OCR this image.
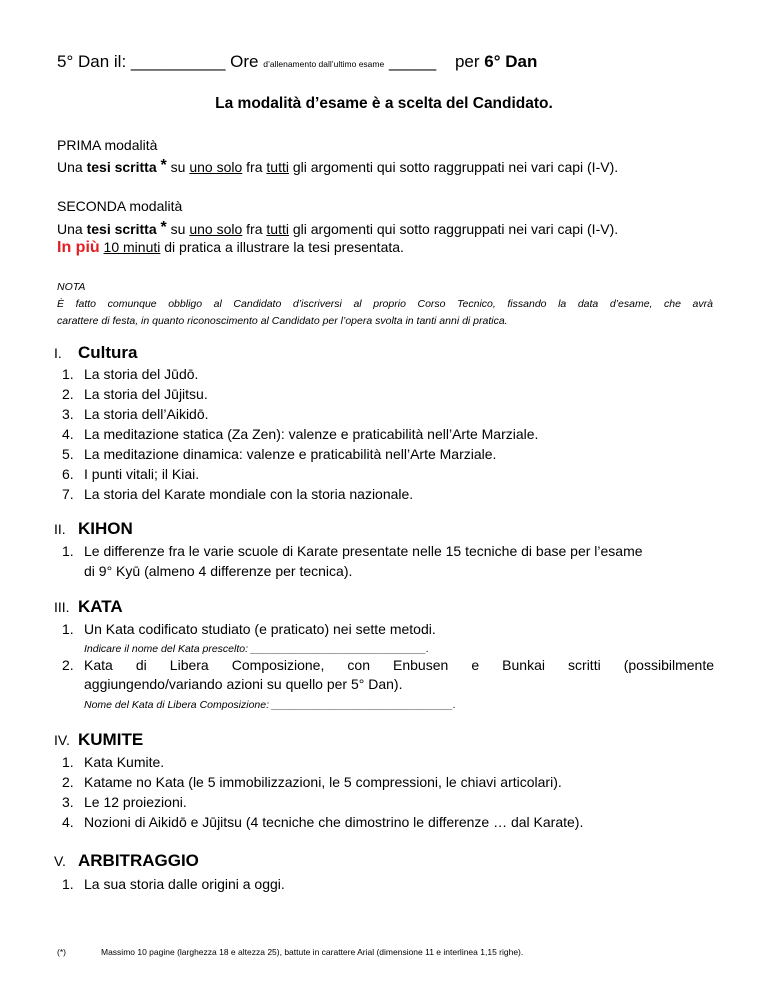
5° Dan il: __________ Ore d’allenamento dall’ultimo esame _____ per 6° Dan
La modalità d’esame è a scelta del Candidato.
PRIMA modalità
Una tesi scritta * su uno solo fra tutti gli argomenti qui sotto raggruppati nei vari capi (I-V).
SECONDA modalità
Una tesi scritta * su uno solo fra tutti gli argomenti qui sotto raggruppati nei vari capi (I-V).
In più 10 minuti di pratica a illustrare la tesi presentata.
NOTA
È fatto comunque obbligo al Candidato d’iscriversi al proprio Corso Tecnico, fissando la data d’esame, che avrà
carattere di festa, in quanto riconoscimento al Candidato per l’opera svolta in tanti anni di pratica.
I. Cultura
1. La storia del Jūdō.
2. La storia del Jūjitsu.
3. La storia dell’Aikidō.
4. La meditazione statica (Za Zen): valenze e praticabilità nell’Arte Marziale.
5. La meditazione dinamica: valenze e praticabilità nell’Arte Marziale.
6. I punti vitali; il Kiai.
7. La storia del Karate mondiale con la storia nazionale.
II. KIHON
1. Le differenze fra le varie scuole di Karate presentate nelle 15 tecniche di base per l’esame
di 9° Kyū (almeno 4 differenze per tecnica).
III. KATA
1. Un Kata codificato studiato (e praticato) nei sette metodi.
Indicare il nome del Kata prescelto: ______________________________.
2. Kata di Libera Composizione, con Enbusen e Bunkai scritti (possibilmente
aggiungendo/variando azioni su quello per 5° Dan).
Nome del Kata di Libera Composizione: _______________________________.
IV. KUMITE
1. Kata Kumite.
2. Katame no Kata (le 5 immobilizzazioni, le 5 compressioni, le chiavi articolari).
3. Le 12 proiezioni.
4. Nozioni di Aikidō e Jūjitsu (4 tecniche che dimostrino le differenze … dal Karate).
V. ARBITRAGGIO
1. La sua storia dalle origini a oggi.
(*)	Massimo 10 pagine (larghezza 18 e altezza 25), battute in carattere Arial (dimensione 11 e interlinea 1,15 righe).
